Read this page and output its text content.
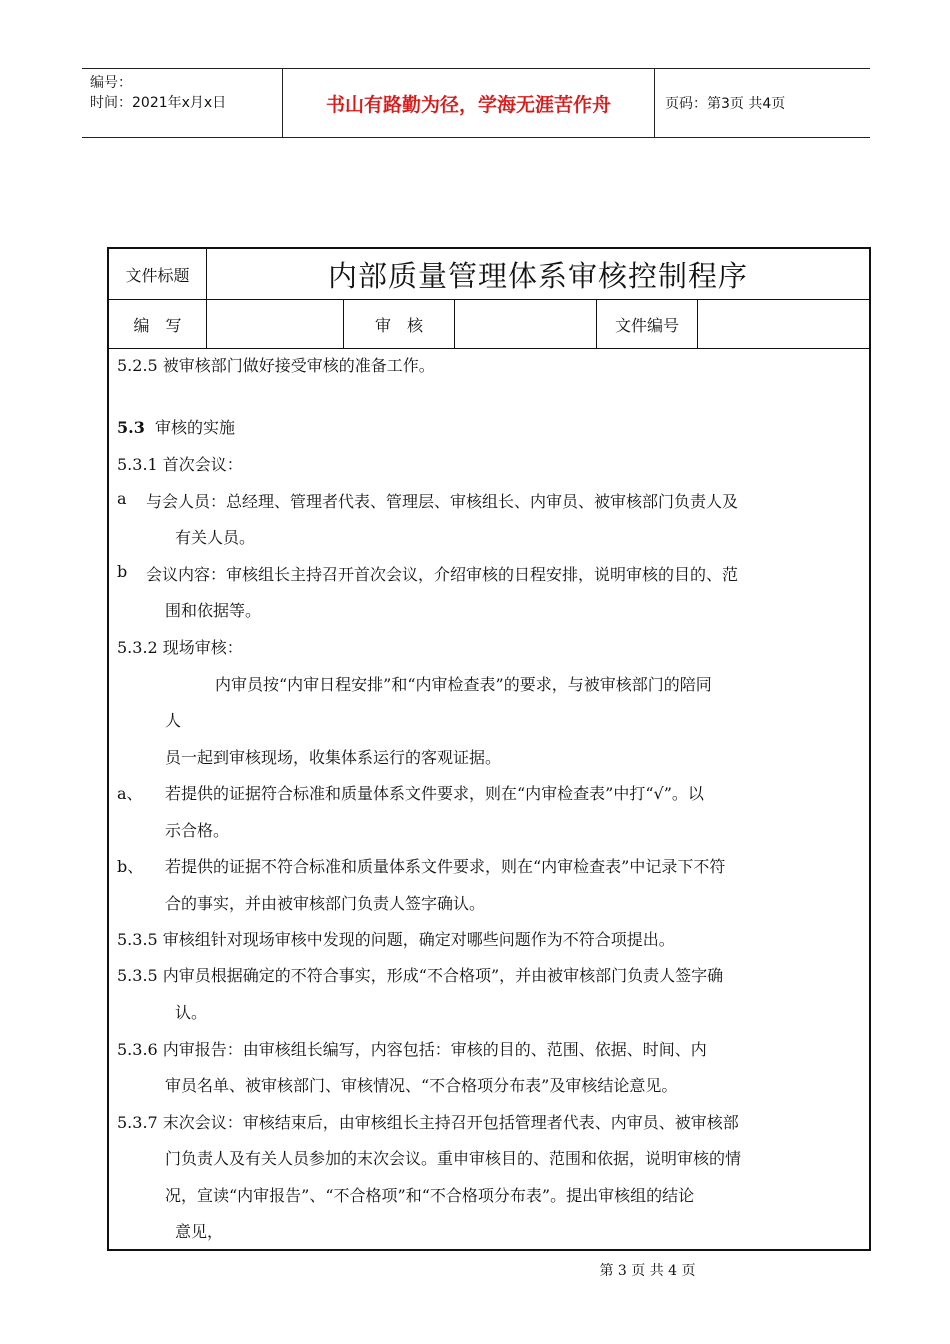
编号：
时间：2021年x月x日	书山有路勤为径，学海无涯苦作舟	页码：第3页 共4页
文件标题	内部质量管理体系审核控制程序
编　写	审　核	文件编号
5.2.5 被审核部门做好接受审核的准备工作。
5.3 审核的实施
5.3.1 首次会议：
a 与会人员：总经理、管理者代表、管理层、审核组长、内审员、被审核部门负责人及
有关人员。
b 会议内容：审核组长主持召开首次会议，介绍审核的日程安排，说明审核的目的、范
围和依据等。
5.3.2 现场审核：
内审员按“内审日程安排”和“内审检查表”的要求，与被审核部门的陪同
人
员一起到审核现场，收集体系运行的客观证据。
a、 若提供的证据符合标准和质量体系文件要求，则在“内审检查表”中打“√”。以
示合格。
b、 若提供的证据不符合标准和质量体系文件要求，则在“内审检查表”中记录下不符
合的事实，并由被审核部门负责人签字确认。
5.3.5 审核组针对现场审核中发现的问题，确定对哪些问题作为不符合项提出。
5.3.5 内审员根据确定的不符合事实，形成“不合格项”，并由被审核部门负责人签字确
认。
5.3.6 内审报告：由审核组长编写，内容包括：审核的目的、范围、依据、时间、内
审员名单、被审核部门、审核情况、“不合格项分布表”及审核结论意见。
5.3.7 末次会议：审核结束后，由审核组长主持召开包括管理者代表、内审员、被审核部
门负责人及有关人员参加的末次会议。重申审核目的、范围和依据，说明审核的情
况，宣读“内审报告”、“不合格项”和“不合格项分布表”。提出审核组的结论
意见，
第 3 页 共 4 页
